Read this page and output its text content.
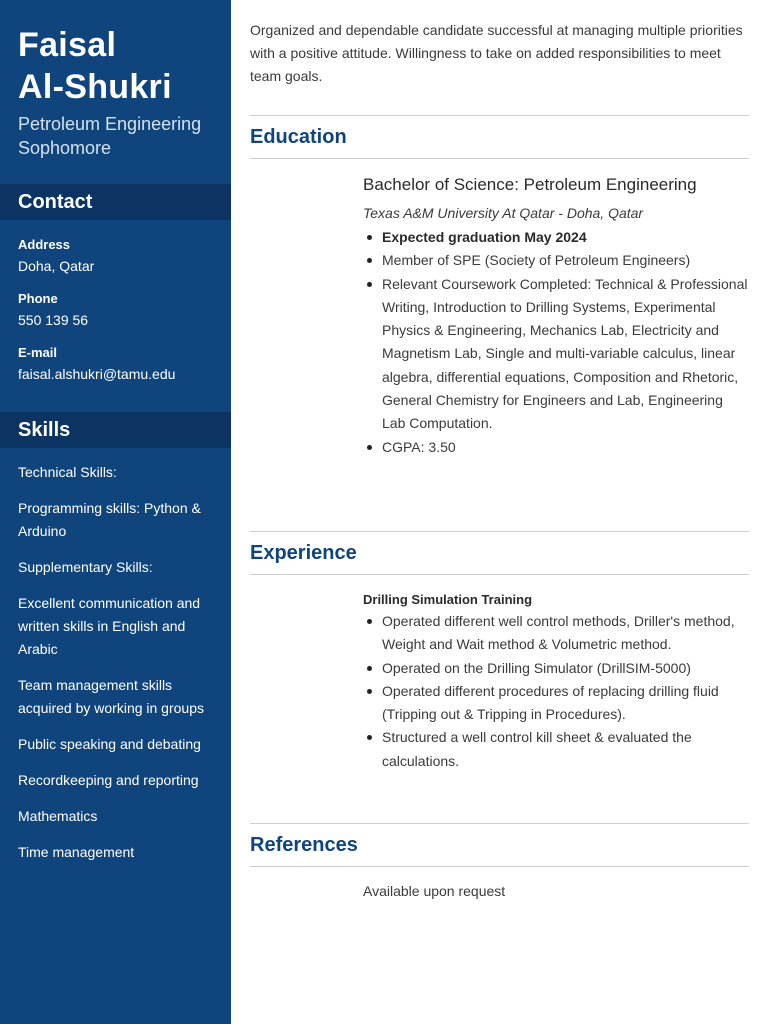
Faisal
Al-Shukri
Petroleum Engineering
Sophomore
Contact
Address
Doha, Qatar
Phone
550 139 56
E-mail
faisal.alshukri@tamu.edu
Skills
Technical Skills:
Programming skills: Python & Arduino
Supplementary Skills:
Excellent communication and written skills in English and Arabic
Team management skills acquired by working in groups
Public speaking and debating
Recordkeeping and reporting
Mathematics
Time management

Organized and dependable candidate successful at managing multiple priorities with a positive attitude. Willingness to take on added responsibilities to meet team goals.

Education
Bachelor of Science: Petroleum Engineering
Texas A&M University At Qatar - Doha, Qatar
Expected graduation May 2024
Member of SPE (Society of Petroleum Engineers)
Relevant Coursework Completed: Technical & Professional Writing, Introduction to Drilling Systems, Experimental Physics & Engineering, Mechanics Lab, Electricity and Magnetism Lab, Single and multi-variable calculus, linear algebra, differential equations, Composition and Rhetoric, General Chemistry for Engineers and Lab, Engineering Lab Computation.
CGPA: 3.50
Experience
Drilling Simulation Training
Operated different well control methods, Driller's method, Weight and Wait method & Volumetric method.
Operated on the Drilling Simulator (DrillSIM-5000)
Operated different procedures of replacing drilling fluid (Tripping out & Tripping in Procedures).
Structured a well control kill sheet & evaluated the calculations.
References
Available upon request
